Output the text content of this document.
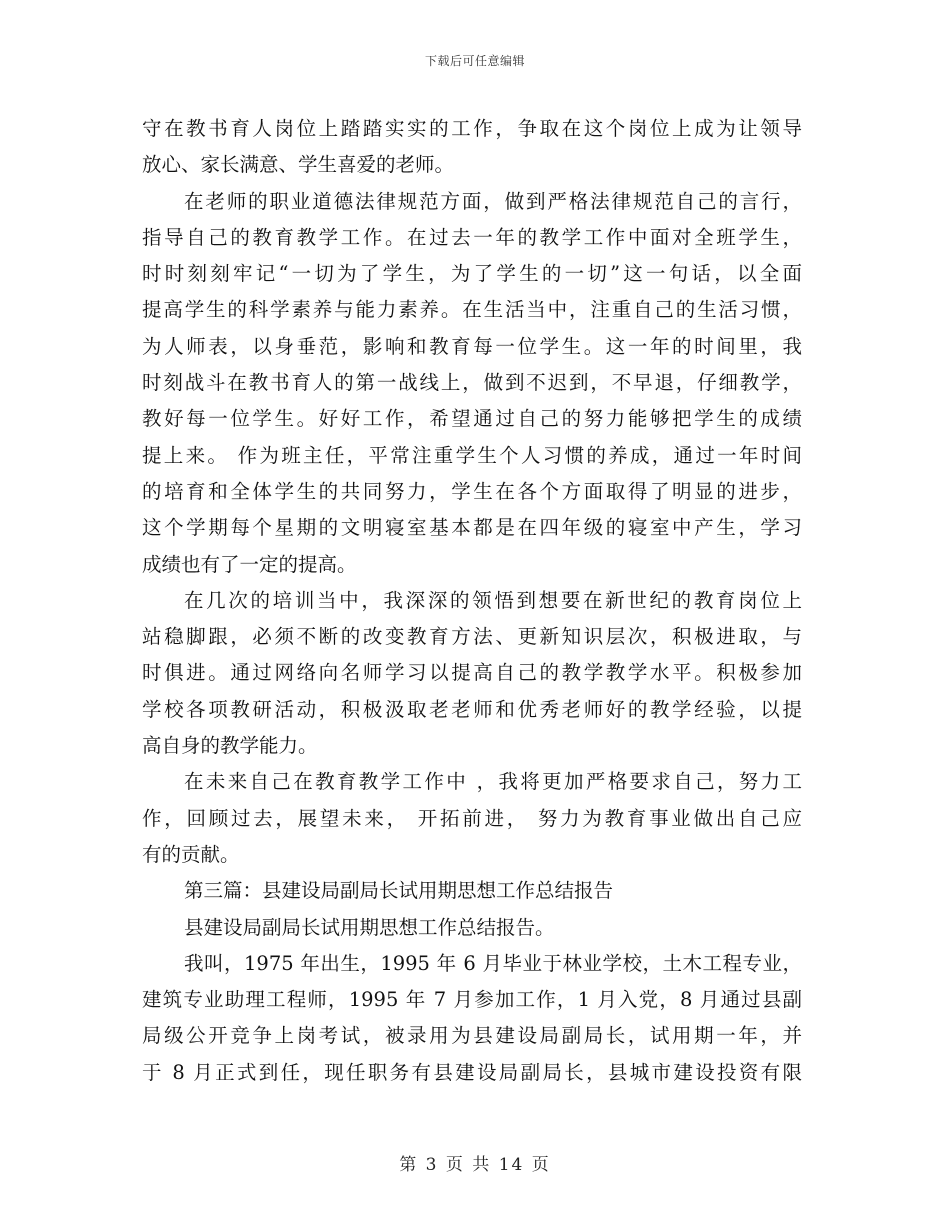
下载后可任意编辑
守在教书育人岗位上踏踏实实的工作，争取在这个岗位上成为让领导
放心、家长满意、学生喜爱的老师。
在老师的职业道德法律规范方面，做到严格法律规范自己的言行，
指导自己的教育教学工作。在过去一年的教学工作中面对全班学生，
时时刻刻牢记“一切为了学生，为了学生的一切”这一句话，以全面
提高学生的科学素养与能力素养。在生活当中，注重自己的生活习惯，
为人师表，以身垂范，影响和教育每一位学生。这一年的时间里，我
时刻战斗在教书育人的第一战线上，做到不迟到，不早退，仔细教学，
教好每一位学生。好好工作，希望通过自己的努力能够把学生的成绩
提上来。 作为班主任，平常注重学生个人习惯的养成，通过一年时间
的培育和全体学生的共同努力，学生在各个方面取得了明显的进步，
这个学期每个星期的文明寝室基本都是在四年级的寝室中产生，学习
成绩也有了一定的提高。
在几次的培训当中，我深深的领悟到想要在新世纪的教育岗位上
站稳脚跟，必须不断的改变教育方法、更新知识层次，积极进取，与
时俱进。通过网络向名师学习以提高自己的教学教学水平。积极参加
学校各项教研活动，积极汲取老老师和优秀老师好的教学经验，以提
高自身的教学能力。
在未来自己在教育教学工作中 ，我将更加严格要求自己，努力工
作，回顾过去，展望未来， 开拓前进， 努力为教育事业做出自己应
有的贡献。
第三篇：县建设局副局长试用期思想工作总结报告
县建设局副局长试用期思想工作总结报告。
我叫，1975 年出生，1995 年 6 月毕业于林业学校，土木工程专业，
建筑专业助理工程师，1995 年 7 月参加工作，1 月入党，8 月通过县副
局级公开竞争上岗考试，被录用为县建设局副局长，试用期一年，并
于 8 月正式到任，现任职务有县建设局副局长，县城市建设投资有限
第 3 页 共 14 页
